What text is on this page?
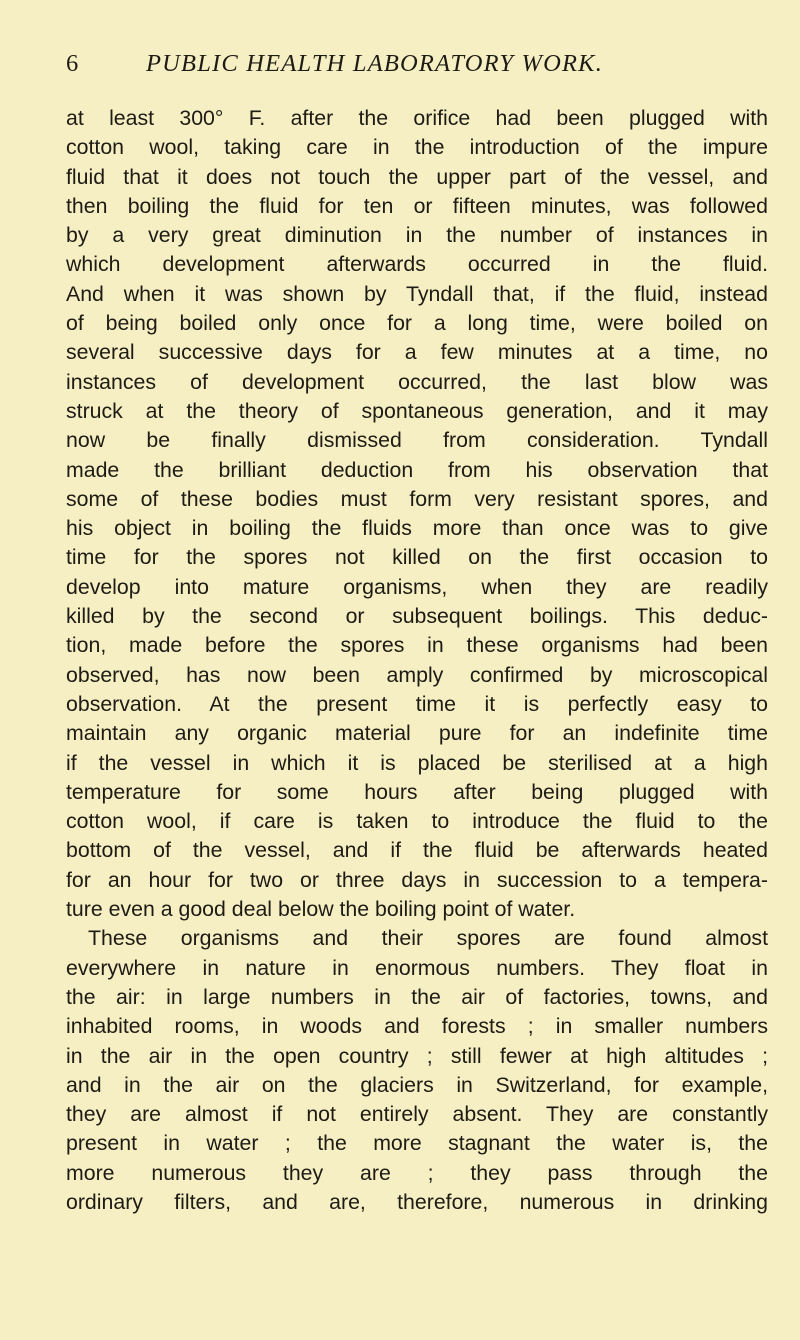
6	PUBLIC HEALTH LABORATORY WORK.
at least 300° F. after the orifice had been plugged with
cotton wool, taking care in the introduction of the impure
fluid that it does not touch the upper part of the vessel, and
then boiling the fluid for ten or fifteen minutes, was followed
by a very great diminution in the number of instances in
which development afterwards occurred in the fluid.
And when it was shown by Tyndall that, if the fluid, instead
of being boiled only once for a long time, were boiled on
several successive days for a few minutes at a time, no
instances of development occurred, the last blow was
struck at the theory of spontaneous generation, and it may
now be finally dismissed from consideration. Tyndall
made the brilliant deduction from his observation that
some of these bodies must form very resistant spores, and
his object in boiling the fluids more than once was to give
time for the spores not killed on the first occasion to
develop into mature organisms, when they are readily
killed by the second or subsequent boilings. This deduc-
tion, made before the spores in these organisms had been
observed, has now been amply confirmed by microscopical
observation. At the present time it is perfectly easy to
maintain any organic material pure for an indefinite time
if the vessel in which it is placed be sterilised at a high
temperature for some hours after being plugged with
cotton wool, if care is taken to introduce the fluid to the
bottom of the vessel, and if the fluid be afterwards heated
for an hour for two or three days in succession to a tempera-
ture even a good deal below the boiling point of water.
These organisms and their spores are found almost
everywhere in nature in enormous numbers. They float in
the air: in large numbers in the air of factories, towns, and
inhabited rooms, in woods and forests ; in smaller numbers
in the air in the open country ; still fewer at high altitudes ;
and in the air on the glaciers in Switzerland, for example,
they are almost if not entirely absent. They are constantly
present in water ; the more stagnant the water is, the
more numerous they are ; they pass through the
ordinary filters, and are, therefore, numerous in drinking
